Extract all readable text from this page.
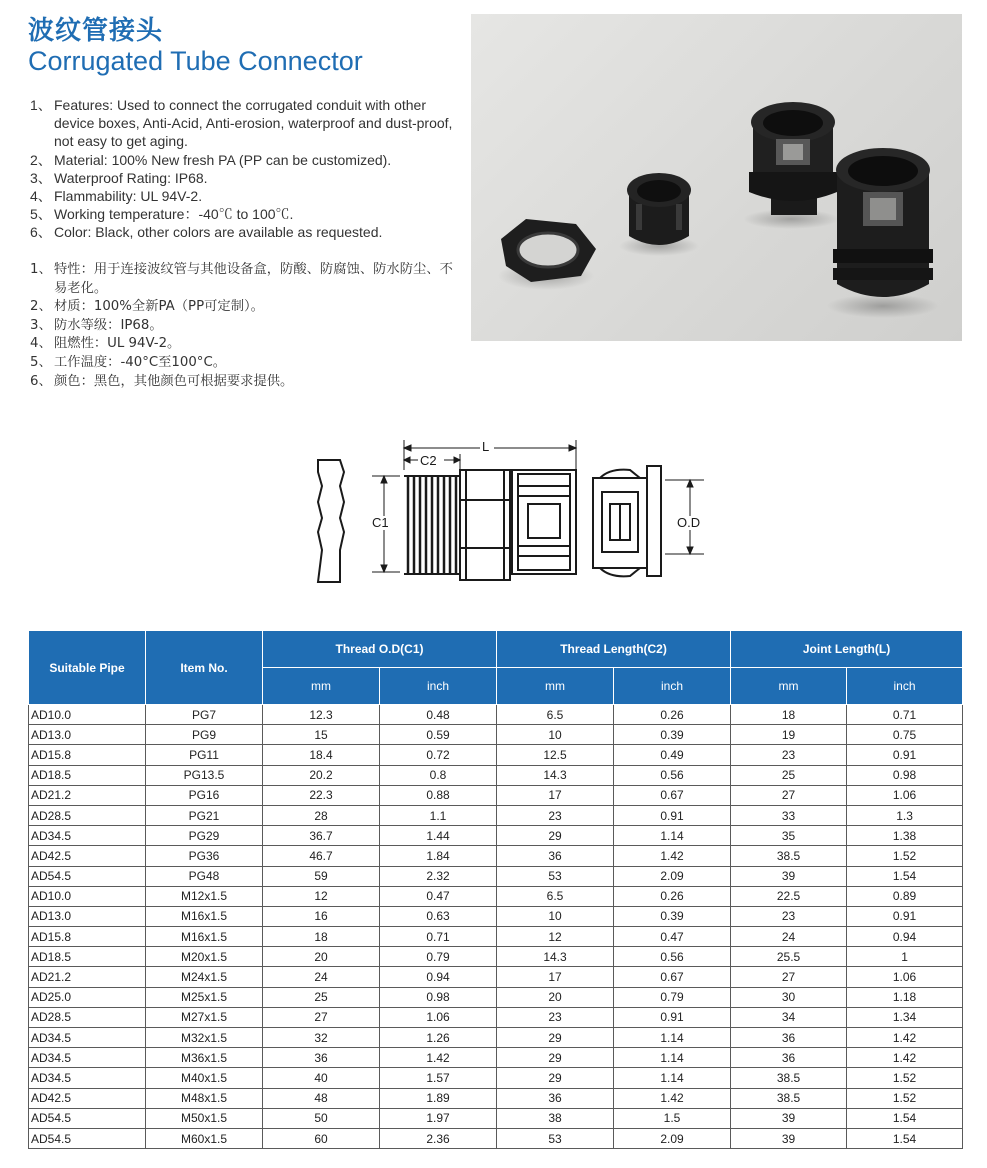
波纹管接头
Corrugated Tube Connector
1、 Features: Used to connect the corrugated conduit with other device boxes, Anti-Acid, Anti-erosion, waterproof and dust-proof, not easy to get aging.
2、 Material: 100% New fresh PA (PP can be customized).
3、 Waterproof Rating: IP68.
4、 Flammability: UL 94V-2.
5、 Working temperature：-40℃ to 100℃.
6、 Color: Black, other colors are available as requested.
1、 特性：用于连接波纹管与其他设备盒，防酸、防腐蚀、防水防尘、不易老化。
2、 材质：100%全新PA（PP可定制）。
3、 防水等级：IP68。
4、 阻燃性：UL 94V-2。
5、 工作温度：-40°C至100°C。
6、 颜色：黑色，其他颜色可根据要求提供。
L
C2
C1	O.D
Suitable Pipe	Item No.	Thread O.D(C1)		Thread Length(C2)		Joint Length(L)	
		mm	inch	mm	inch	mm	inch
AD10.0	PG7	12.3	0.48	6.5	0.26	18	0.71
AD13.0	PG9	15	0.59	10	0.39	19	0.75
AD15.8	PG11	18.4	0.72	12.5	0.49	23	0.91
AD18.5	PG13.5	20.2	0.8	14.3	0.56	25	0.98
AD21.2	PG16	22.3	0.88	17	0.67	27	1.06
AD28.5	PG21	28	1.1	23	0.91	33	1.3
AD34.5	PG29	36.7	1.44	29	1.14	35	1.38
AD42.5	PG36	46.7	1.84	36	1.42	38.5	1.52
AD54.5	PG48	59	2.32	53	2.09	39	1.54
AD10.0	M12x1.5	12	0.47	6.5	0.26	22.5	0.89
AD13.0	M16x1.5	16	0.63	10	0.39	23	0.91
AD15.8	M16x1.5	18	0.71	12	0.47	24	0.94
AD18.5	M20x1.5	20	0.79	14.3	0.56	25.5	1
AD21.2	M24x1.5	24	0.94	17	0.67	27	1.06
AD25.0	M25x1.5	25	0.98	20	0.79	30	1.18
AD28.5	M27x1.5	27	1.06	23	0.91	34	1.34
AD34.5	M32x1.5	32	1.26	29	1.14	36	1.42
AD34.5	M36x1.5	36	1.42	29	1.14	36	1.42
AD34.5	M40x1.5	40	1.57	29	1.14	38.5	1.52
AD42.5	M48x1.5	48	1.89	36	1.42	38.5	1.52
AD54.5	M50x1.5	50	1.97	38	1.5	39	1.54
AD54.5	M60x1.5	60	2.36	53	2.09	39	1.54
